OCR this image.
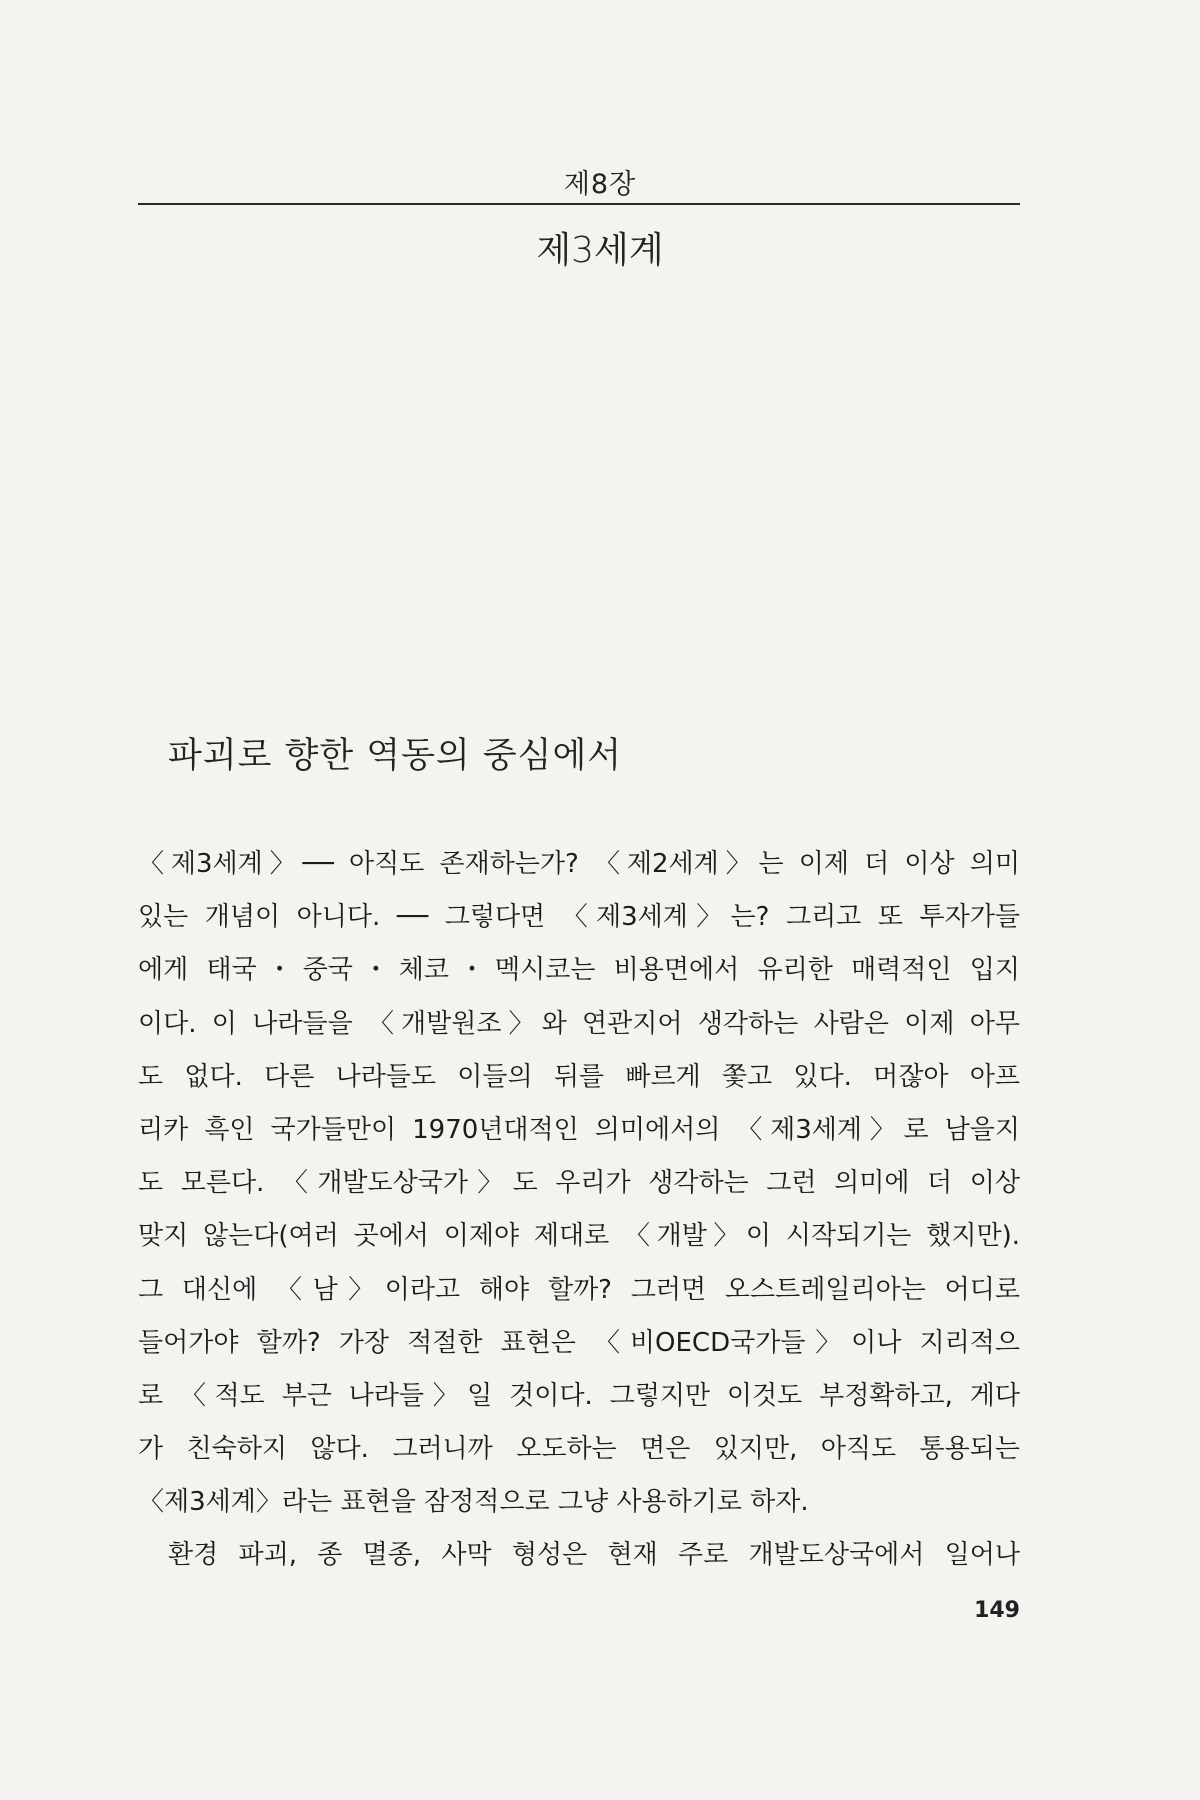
제8장
제3세계
파괴로 향한 역동의 중심에서
〈제3세계〉── 아직도 존재하는가? 〈제2세계〉는 이제 더 이상 의미
있는 개념이 아니다. ── 그렇다면 〈제3세계〉는? 그리고 또 투자가들
에게 태국・중국・체코・멕시코는 비용면에서 유리한 매력적인 입지
이다. 이 나라들을 〈개발원조〉와 연관지어 생각하는 사람은 이제 아무
도 없다. 다른 나라들도 이들의 뒤를 빠르게 쫓고 있다. 머잖아 아프
리카 흑인 국가들만이 1970년대적인 의미에서의 〈제3세계〉로 남을지
도 모른다. 〈개발도상국가〉도 우리가 생각하는 그런 의미에 더 이상
맞지 않는다(여러 곳에서 이제야 제대로 〈개발〉이 시작되기는 했지만).
그 대신에 〈남〉이라고 해야 할까? 그러면 오스트레일리아는 어디로
들어가야 할까? 가장 적절한 표현은 〈비OECD국가들〉이나 지리적으
로 〈적도 부근 나라들〉일 것이다. 그렇지만 이것도 부정확하고, 게다
가 친숙하지 않다. 그러니까 오도하는 면은 있지만, 아직도 통용되는
〈제3세계〉라는 표현을 잠정적으로 그냥 사용하기로 하자.
환경 파괴, 종 멸종, 사막 형성은 현재 주로 개발도상국에서 일어나
149
